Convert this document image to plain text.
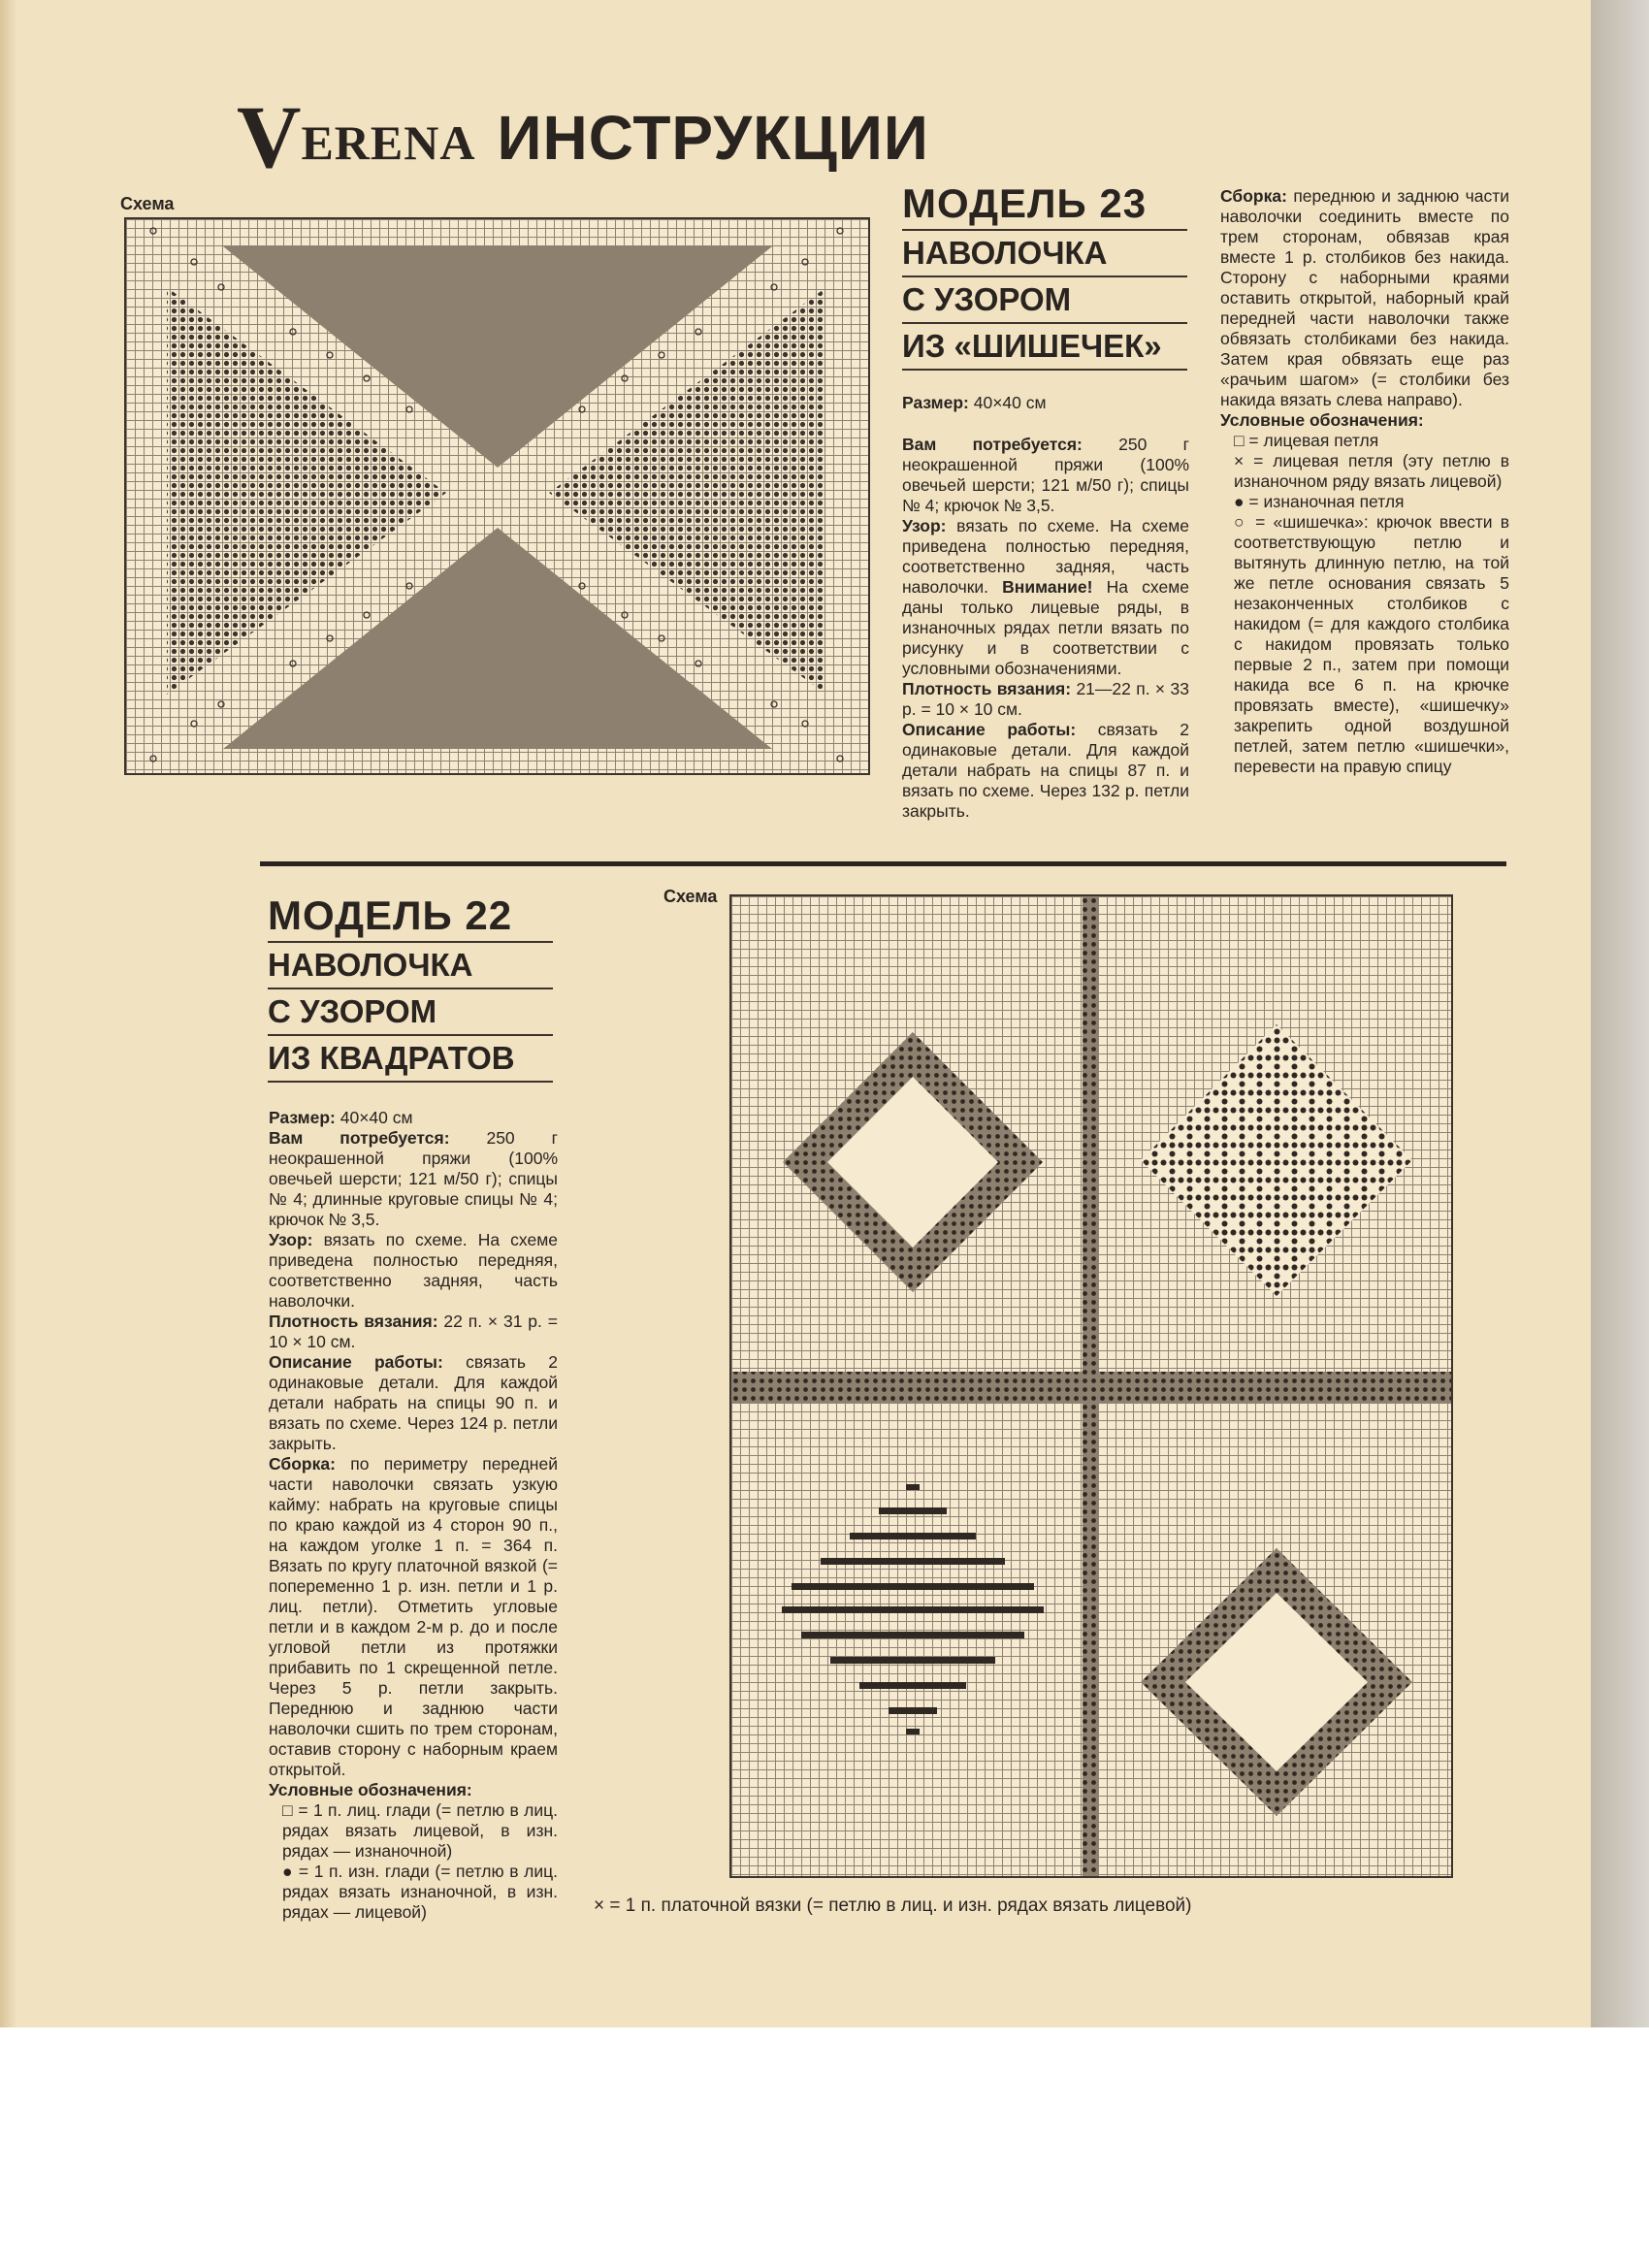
VERENA ИНСТРУКЦИИ
Схема	МОДЕЛЬ 23
НАВОЛОЧКА
С УЗОРОМ
ИЗ «ШИШЕЧЕК»

Размер: 40×40 см

Вам потребуется: 250 г неокрашенной пряжи (100% овечьей шерсти; 121 м/50 г); спицы № 4; крючок № 3,5.

Узор: вязать по схеме. На схеме приведена полностью передняя, соответственно задняя, часть наволочки. Внимание! На схеме даны только лицевые ряды, в изнаночных рядах петли вязать по рисунку и в соответствии с условными обозначениями.

Плотность вязания: 21—22 п. × 33 р. = 10 × 10 см.

Описание работы: связать 2 одинаковые детали. Для каждой детали набрать на спицы 87 п. и вязать по схеме. Через 132 р. петли закрыть.

Сборка: переднюю и заднюю части наволочки соединить вместе по трем сторонам, обвязав края вместе 1 р. столбиков без накида. Сторону с наборными краями оставить открытой, наборный край передней части наволочки также обвязать столбиками без накида. Затем края обвязать еще раз «рачьим шагом» (= столбики без накида вязать слева направо).

Условные обозначения:

□ = лицевая петля

× = лицевая петля (эту петлю в изнаночном ряду вязать лицевой)

● = изнаночная петля

○ = «шишечка»: крючок ввести в соответствующую петлю и вытянуть длинную петлю, на той же петле основания связать 5 незаконченных столбиков с накидом (= для каждого столбика с накидом провязать только первые 2 п., затем при помощи накида все 6 п. на крючке провязать вместе), «шишечку» закрепить одной воздушной петлей, затем петлю «шишечки», перевести на правую спицу

МОДЕЛЬ 22
НАВОЛОЧКА
С УЗОРОМ
ИЗ КВАДРАТОВ

Размер: 40×40 см

Вам потребуется: 250 г неокрашенной пряжи (100% овечьей шерсти; 121 м/50 г); спицы № 4; длинные круговые спицы № 4; крючок № 3,5.

Узор: вязать по схеме. На схеме приведена полностью передняя, соответственно задняя, часть наволочки.

Плотность вязания: 22 п. × 31 р. = 10 × 10 см.

Описание работы: связать 2 одинаковые детали. Для каждой детали набрать на спицы 90 п. и вязать по схеме. Через 124 р. петли закрыть.

Сборка: по периметру передней части наволочки связать узкую кайму: набрать на круговые спицы по краю каждой из 4 сторон 90 п., на каждом уголке 1 п. = 364 п. Вязать по кругу платочной вязкой (= попеременно 1 р. изн. петли и 1 р. лиц. петли). Отметить угловые петли и в каждом 2-м р. до и после угловой петли из протяжки прибавить по 1 скрещенной петле. Через 5 р. петли закрыть. Переднюю и заднюю части наволочки сшить по трем сторонам, оставив сторону с наборным краем открытой.

Условные обозначения:

□ = 1 п. лиц. глади (= петлю в лиц. рядах вязать лицевой, в изн. рядах — изнаночной)

● = 1 п. изн. глади (= петлю в лиц. рядах вязать изнаночной, в изн. рядах — лицевой)

Схема
× = 1 п. платочной вязки (= петлю в лиц. и изн. рядах вязать лицевой)
